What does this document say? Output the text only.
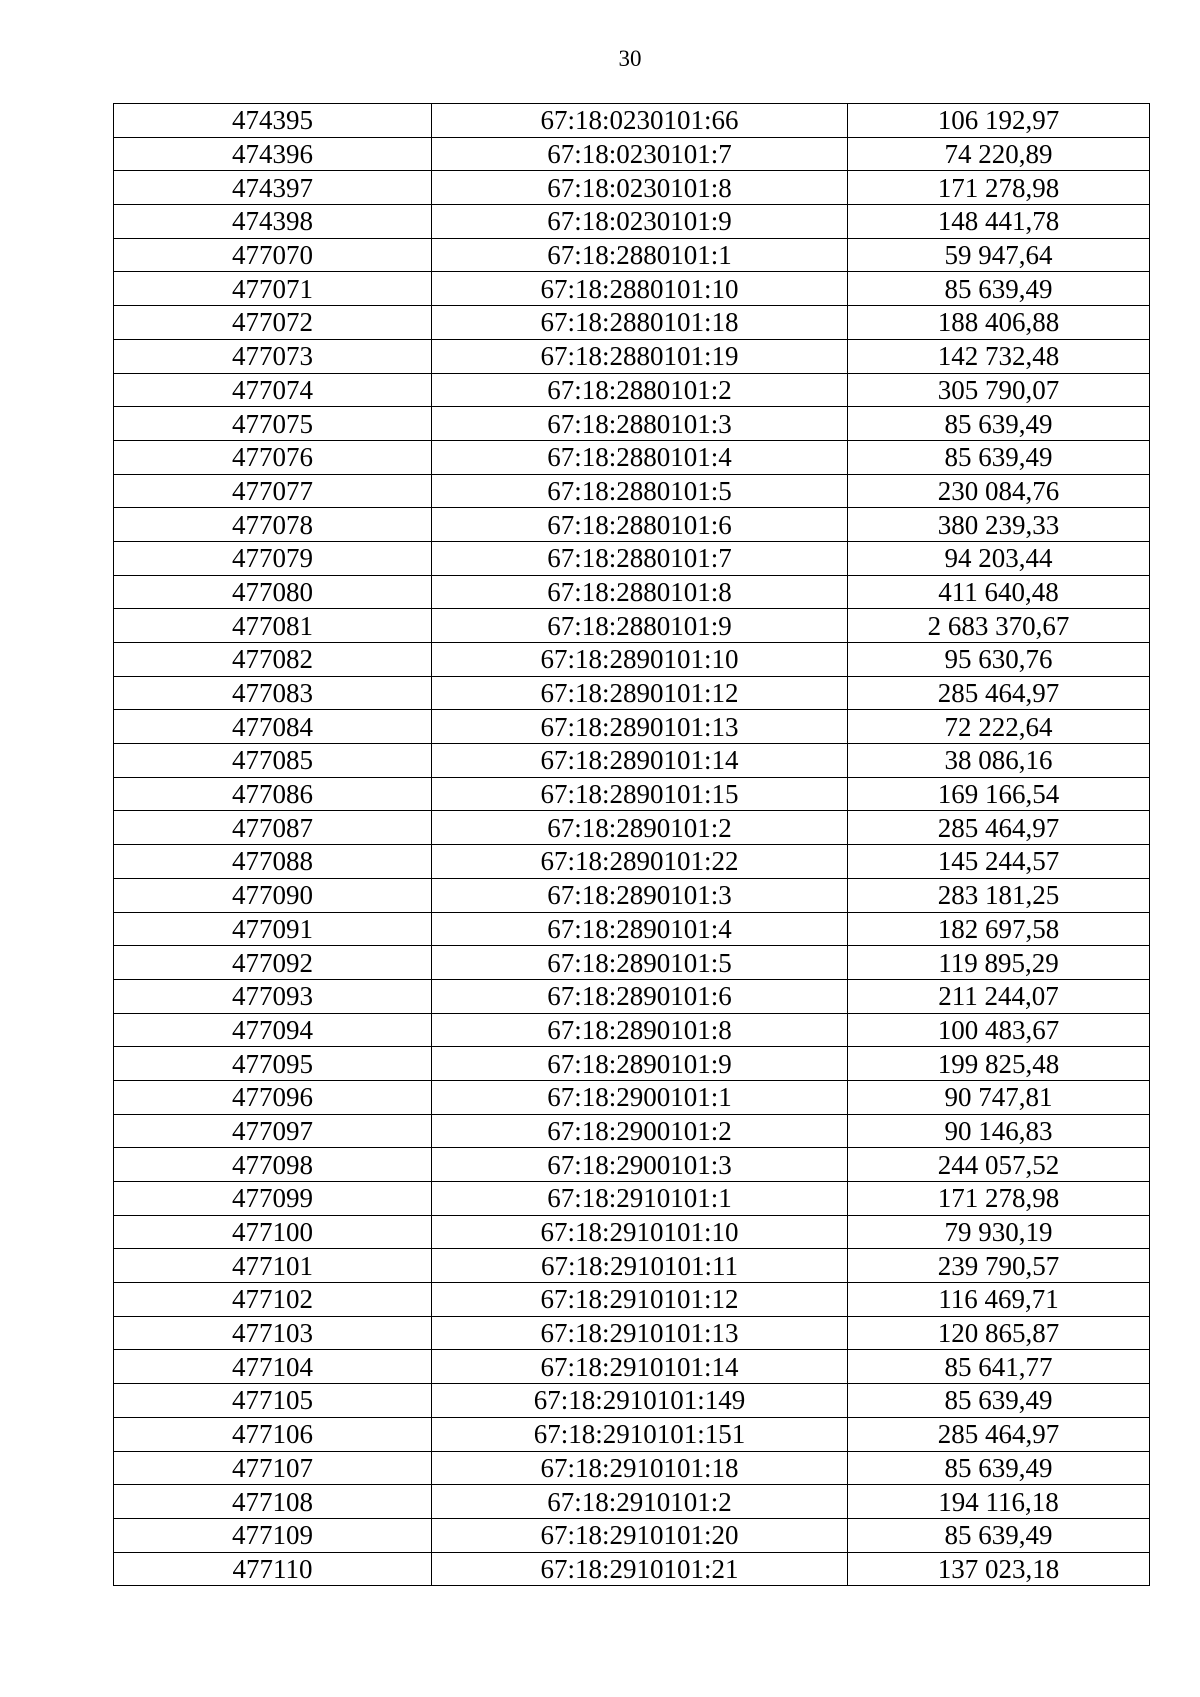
30
474395	67:18:0230101:66	106 192,97
474396	67:18:0230101:7	74 220,89
474397	67:18:0230101:8	171 278,98
474398	67:18:0230101:9	148 441,78
477070	67:18:2880101:1	59 947,64
477071	67:18:2880101:10	85 639,49
477072	67:18:2880101:18	188 406,88
477073	67:18:2880101:19	142 732,48
477074	67:18:2880101:2	305 790,07
477075	67:18:2880101:3	85 639,49
477076	67:18:2880101:4	85 639,49
477077	67:18:2880101:5	230 084,76
477078	67:18:2880101:6	380 239,33
477079	67:18:2880101:7	94 203,44
477080	67:18:2880101:8	411 640,48
477081	67:18:2880101:9	2 683 370,67
477082	67:18:2890101:10	95 630,76
477083	67:18:2890101:12	285 464,97
477084	67:18:2890101:13	72 222,64
477085	67:18:2890101:14	38 086,16
477086	67:18:2890101:15	169 166,54
477087	67:18:2890101:2	285 464,97
477088	67:18:2890101:22	145 244,57
477090	67:18:2890101:3	283 181,25
477091	67:18:2890101:4	182 697,58
477092	67:18:2890101:5	119 895,29
477093	67:18:2890101:6	211 244,07
477094	67:18:2890101:8	100 483,67
477095	67:18:2890101:9	199 825,48
477096	67:18:2900101:1	90 747,81
477097	67:18:2900101:2	90 146,83
477098	67:18:2900101:3	244 057,52
477099	67:18:2910101:1	171 278,98
477100	67:18:2910101:10	79 930,19
477101	67:18:2910101:11	239 790,57
477102	67:18:2910101:12	116 469,71
477103	67:18:2910101:13	120 865,87
477104	67:18:2910101:14	85 641,77
477105	67:18:2910101:149	85 639,49
477106	67:18:2910101:151	285 464,97
477107	67:18:2910101:18	85 639,49
477108	67:18:2910101:2	194 116,18
477109	67:18:2910101:20	85 639,49
477110	67:18:2910101:21	137 023,18
